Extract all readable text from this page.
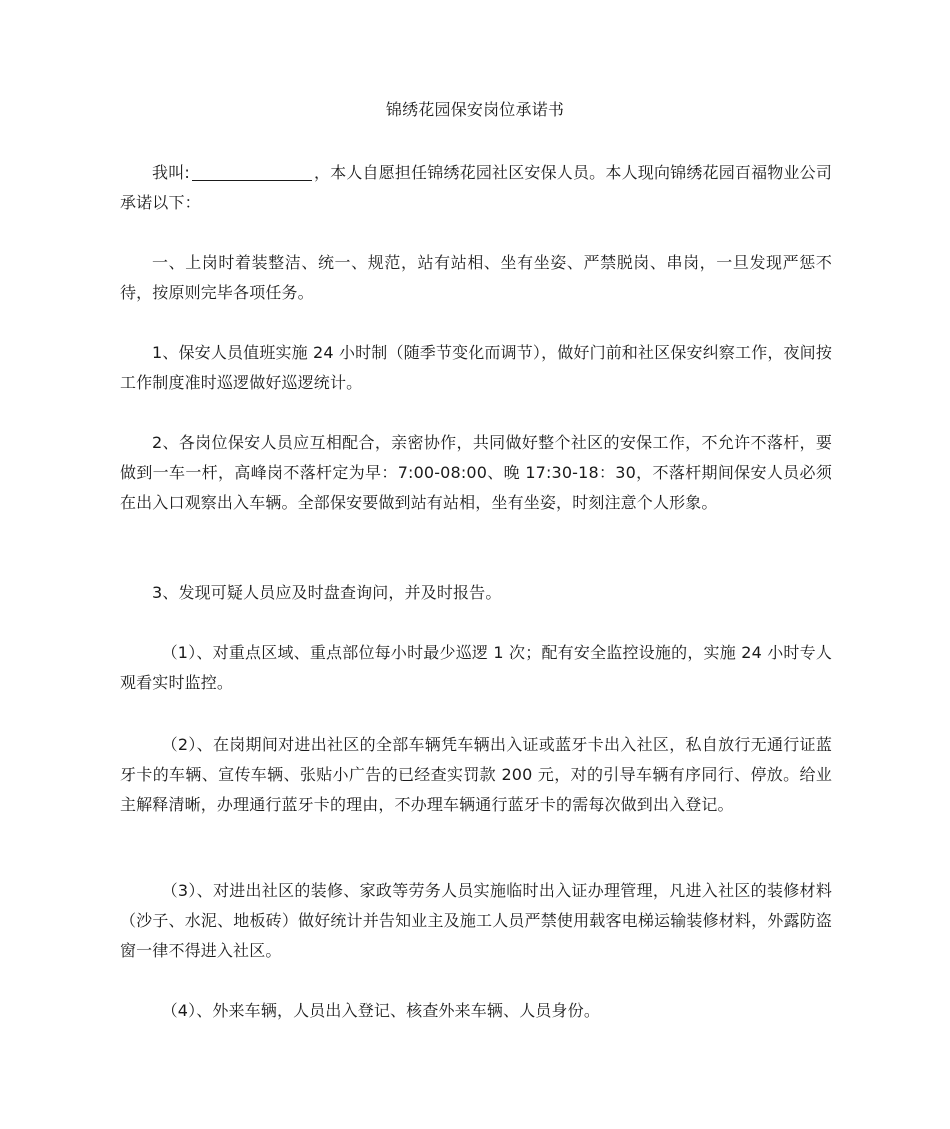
锦绣花园保安岗位承诺书

我叫:	，本人自愿担任锦绣花园社区安保人员。本人现向锦绣花园百福物业公司承诺以下：

一、上岗时着装整洁、统一、规范，站有站相、坐有坐姿、严禁脱岗、串岗，一旦发现严惩不待，按原则完毕各项任务。

1、保安人员值班实施 24 小时制（随季节变化而调节），做好门前和社区保安纠察工作，夜间按工作制度准时巡逻做好巡逻统计。

2、各岗位保安人员应互相配合，亲密协作，共同做好整个社区的安保工作，不允许不落杆，要做到一车一杆，高峰岗不落杆定为早：7:00-08:00、晚 17:30-18：30，不落杆期间保安人员必须在出入口观察出入车辆。全部保安要做到站有站相，坐有坐姿，时刻注意个人形象。

3、发现可疑人员应及时盘查询问，并及时报告。

（1）、对重点区域、重点部位每小时最少巡逻 1 次；配有安全监控设施的，实施 24 小时专人观看实时监控。

（2）、在岗期间对进出社区的全部车辆凭车辆出入证或蓝牙卡出入社区，私自放行无通行证蓝牙卡的车辆、宣传车辆、张贴小广告的已经查实罚款 200 元，对的引导车辆有序同行、停放。给业主解释清晰，办理通行蓝牙卡的理由，不办理车辆通行蓝牙卡的需每次做到出入登记。

（3）、对进出社区的装修、家政等劳务人员实施临时出入证办理管理，凡进入社区的装修材料（沙子、水泥、地板砖）做好统计并告知业主及施工人员严禁使用载客电梯运输装修材料，外露防盗窗一律不得进入社区。

（4）、外来车辆，人员出入登记、核查外来车辆、人员身份。
